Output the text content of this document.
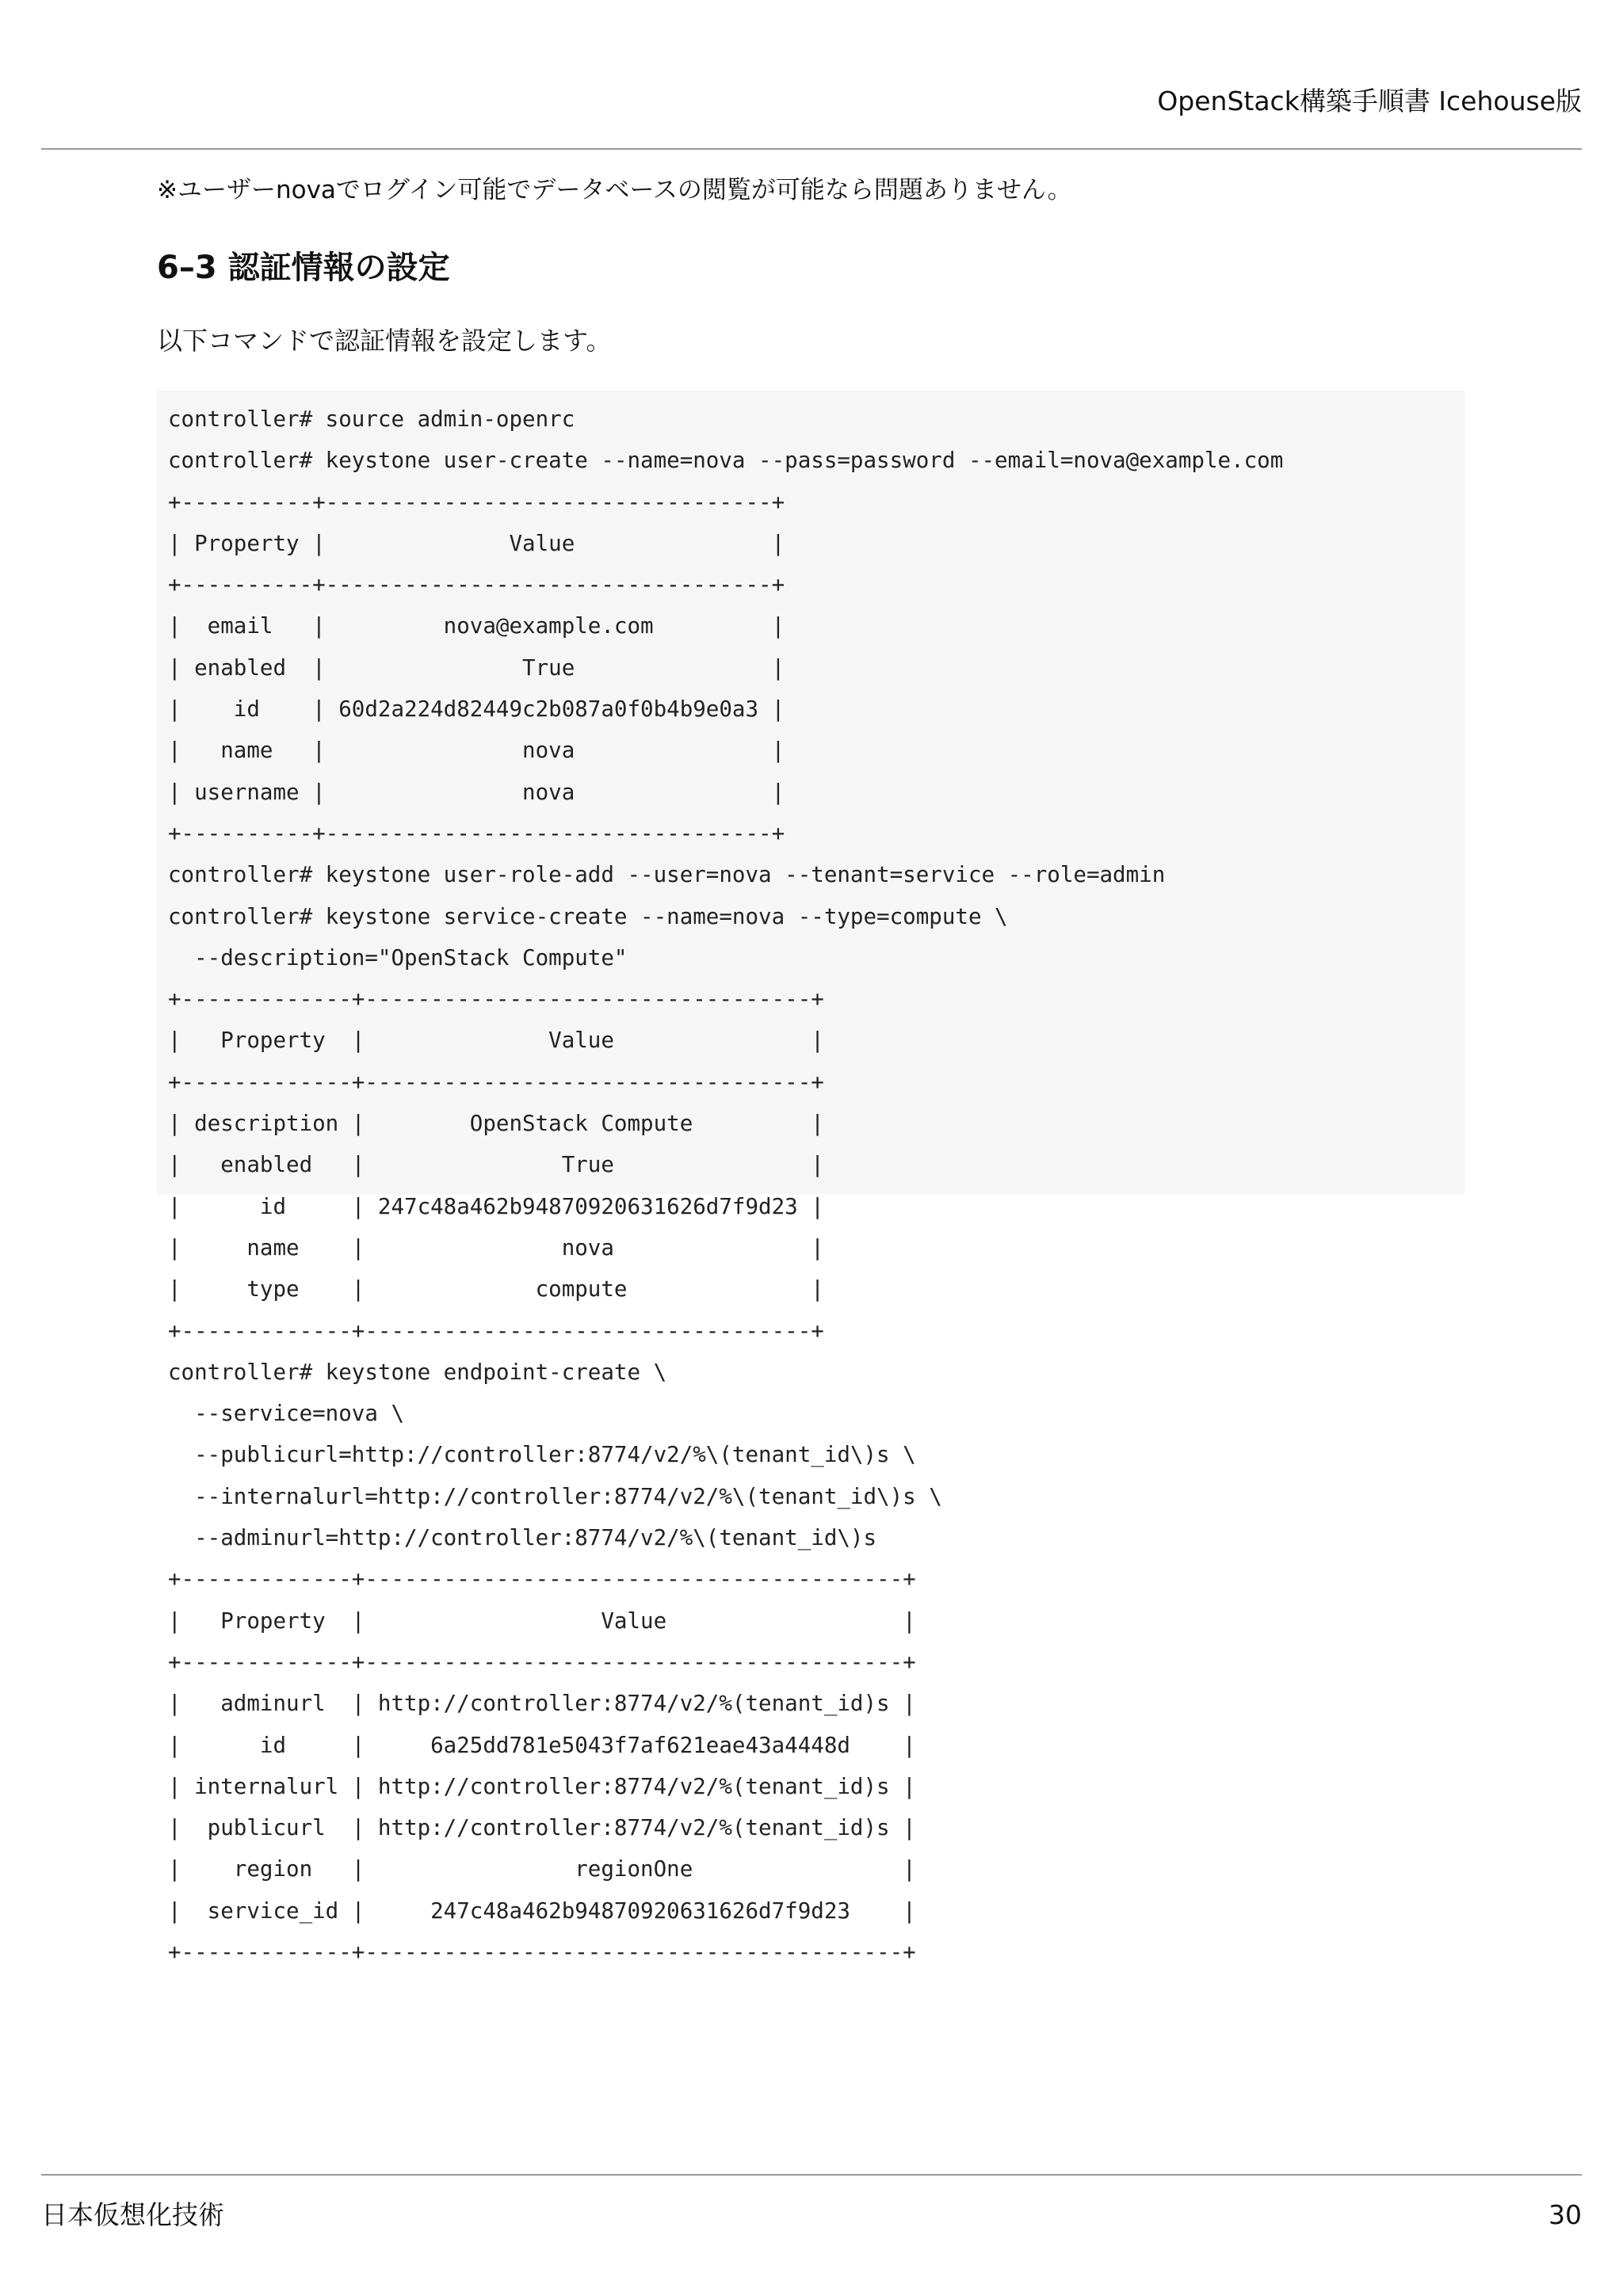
OpenStack構築手順書 Icehouse版
※ユーザーnovaでログイン可能でデータベースの閲覧が可能なら問題ありません。
6–3 認証情報の設定
以下コマンドで認証情報を設定します。
controller# source admin-openrc
controller# keystone user-create --name=nova --pass=password --email=nova@example.com
+----------+----------------------------------+
| Property |              Value               |
+----------+----------------------------------+
|  email   |         nova@example.com         |
| enabled  |               True               |
|    id    | 60d2a224d82449c2b087a0f0b4b9e0a3 |
|   name   |               nova               |
| username |               nova               |
+----------+----------------------------------+
controller# keystone user-role-add --user=nova --tenant=service --role=admin
controller# keystone service-create --name=nova --type=compute \
--description="OpenStack Compute"
+-------------+----------------------------------+
|   Property  |              Value               |
+-------------+----------------------------------+
| description |        OpenStack Compute         |
|   enabled   |               True               |
|      id     | 247c48a462b94870920631626d7f9d23 |
|     name    |               nova               |
|     type    |             compute              |
+-------------+----------------------------------+
controller# keystone endpoint-create \
--service=nova \
--publicurl=http://controller:8774/v2/%\(tenant_id\)s \
--internalurl=http://controller:8774/v2/%\(tenant_id\)s \
--adminurl=http://controller:8774/v2/%\(tenant_id\)s
+-------------+-----------------------------------------+
|   Property  |                  Value                  |
+-------------+-----------------------------------------+
|   adminurl  | http://controller:8774/v2/%(tenant_id)s |
|      id     |     6a25dd781e5043f7af621eae43a4448d    |
| internalurl | http://controller:8774/v2/%(tenant_id)s |
|  publicurl  | http://controller:8774/v2/%(tenant_id)s |
|    region   |                regionOne                |
|  service_id |     247c48a462b94870920631626d7f9d23    |
+-------------+-----------------------------------------+
日本仮想化技術	30
